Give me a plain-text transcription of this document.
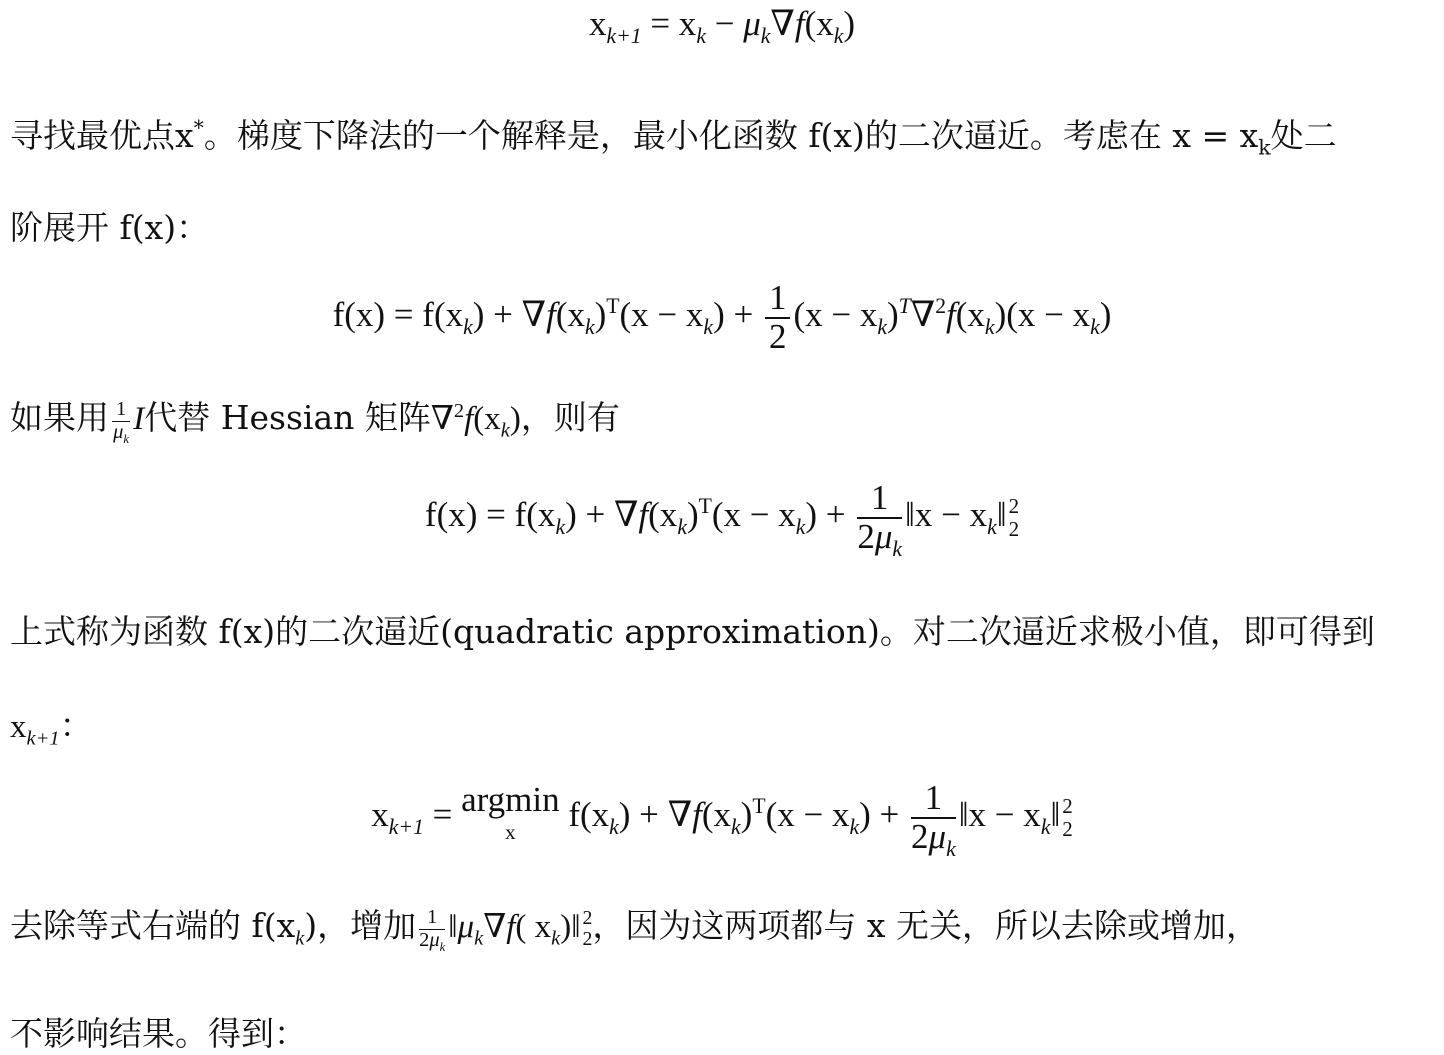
$x_{k+1} = x_k - \mu_k\nabla f(x_k)$
寻找最优点x*。梯度下降法的一个解释是，最小化函数 f(x)的二次逼近。考虑在 $x = x_k$处二
阶展开 f(x)：
$f(x) = f(x_k) + \nabla f(x_k)^T(x - x_k) + \frac{1}{2} (x - x_k)^T\nabla^2f(x_k)(x - x_k)$
如果用 $\frac{1}{\mu_k}$ I代替 Hessian 矩阵$\nabla^2f(x_k)$，则有
$f(x) = f(x_k) + \nabla f(x_k)^T(x - x_k) + \frac{1}{2\mu_k}$ ‖x − $x_k‖$ 2
2
上式称为函数 f(x)的二次逼近(quadratic approximation)。对二次逼近求极小值，即可得到
$x_{k+1}$：
$x_{k+1} = argmin$
x	$f(x_k) + \nabla f(x_k)^T(x - x_k) + \frac{1}{2\mu_k}$ ‖x − $x_k‖$ 2
2
去除等式右端的 $f(x_k)$，增加 $\frac{1}{2\mu_k}$ $‖\mu_k\nabla f$( $x_k)‖$ 2
2 ，因为这两项都与 x 无关，所以去除或增加，
不影响结果。得到：
